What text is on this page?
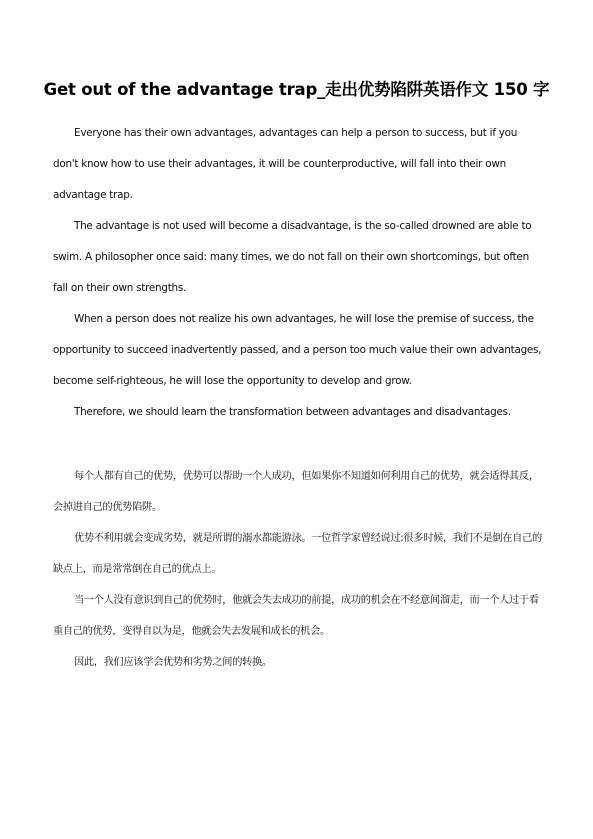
Get out of the advantage trap_走出优势陷阱英语作文 150 字

Everyone has their own advantages, advantages can help a person to success, but if you don't know how to use their advantages, it will be counterproductive, will fall into their own advantage trap.

The advantage is not used will become a disadvantage, is the so-called drowned are able to swim. A philosopher once said: many times, we do not fall on their own shortcomings, but often fall on their own strengths.

When a person does not realize his own advantages, he will lose the premise of success, the opportunity to succeed inadvertently passed, and a person too much value their own advantages, become self-righteous, he will lose the opportunity to develop and grow.

Therefore, we should learn the transformation between advantages and disadvantages.

每个人都有自己的优势，优势可以帮助一个人成功，但如果你不知道如何利用自己的优势，就会适得其反，会掉进自己的优势陷阱。

优势不利用就会变成劣势，就是所谓的溺水都能游泳。一位哲学家曾经说过:很多时候，我们不是倒在自己的缺点上，而是常常倒在自己的优点上。

当一个人没有意识到自己的优势时，他就会失去成功的前提，成功的机会在不经意间溜走，而一个人过于看重自己的优势，变得自以为是，他就会失去发展和成长的机会。

因此，我们应该学会优势和劣势之间的转换。
